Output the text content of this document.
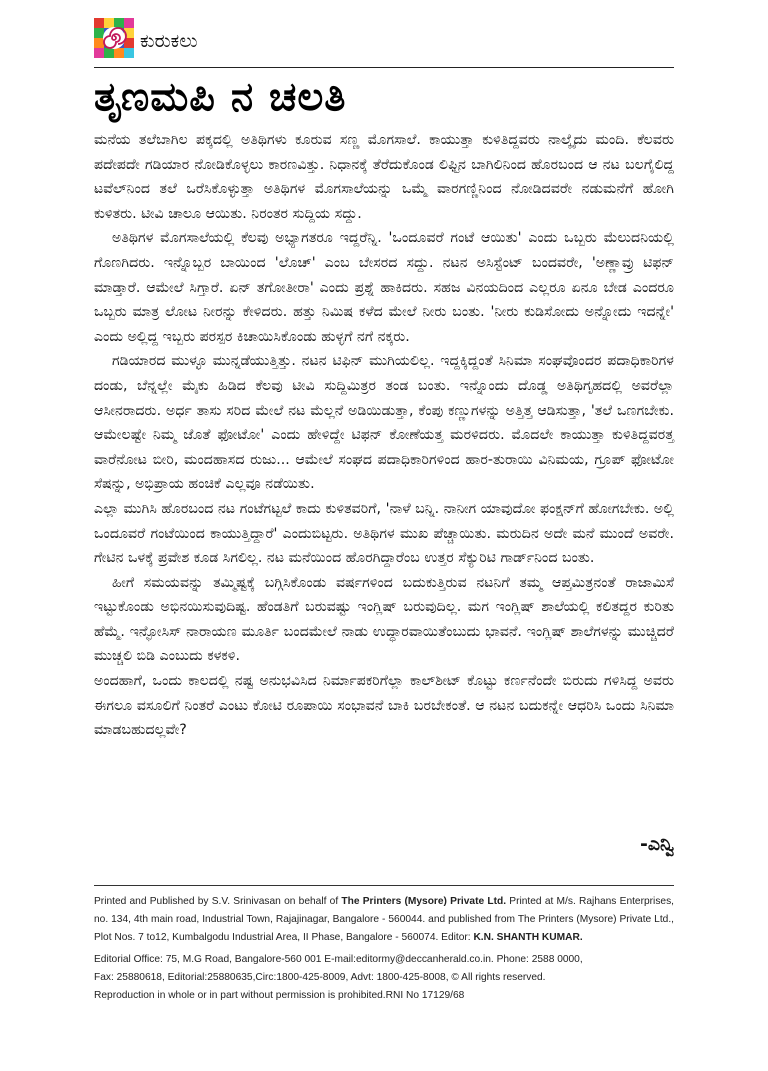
ಕುರುಕಲು
ತೃಣಮಪಿ ನ ಚಲತಿ

ಮನೆಯ ತಲೆಬಾಗಿಲ ಪಕ್ಕದಲ್ಲಿ ಅತಿಥಿಗಳು ಕೂರುವ ಸಣ್ಣ ಮೊಗಸಾಲೆ. ಕಾಯುತ್ತಾ ಕುಳಿತಿದ್ದವರು ನಾಲ್ಕೈದು ಮಂದಿ. ಕೆಲವರು ಪದೇಪದೇ ಗಡಿಯಾರ ನೋಡಿಕೊಳ್ಳಲು ಕಾರಣವಿತ್ತು. ನಿಧಾನಕ್ಕೆ ತೆರೆದುಕೊಂಡ ಲಿಫ್ಟಿನ ಬಾಗಿಲಿನಿಂದ ಹೊರಬಂದ ಆ ನಟ ಬಲಗೈಲಿದ್ದ ಟವೆಲ್‌ನಿಂದ ತಲೆ ಒರೆಸಿಕೊಳ್ಳುತ್ತಾ ಅತಿಥಿಗಳ ಮೊಗಸಾಲೆಯನ್ನು ಒಮ್ಮೆ ವಾರಗಣ್ಣಿನಿಂದ ನೋಡಿದವರೇ ನಡುಮನೆಗೆ ಹೋಗಿ ಕುಳಿತರು. ಟೀವಿ ಚಾಲೂ ಆಯಿತು. ನಿರಂತರ ಸುದ್ದಿಯ ಸದ್ದು.

ಅತಿಥಿಗಳ ಮೊಗಸಾಲೆಯಲ್ಲಿ ಕೆಲವು ಅಭ್ಯಾಗತರೂ ಇದ್ದರೆನ್ನಿ. 'ಒಂದೂವರೆ ಗಂಟೆ ಆಯಿತು' ಎಂದು ಒಬ್ಬರು ಮೆಲುದನಿಯಲ್ಲಿ ಗೊಣಗಿದರು. ಇನ್ನೊಬ್ಬರ ಬಾಯಿಂದ 'ಲೊಚ್' ಎಂಬ ಬೇಸರದ ಸದ್ದು. ನಟನ ಅಸಿಸ್ಟೆಂಟ್ ಬಂದವರೇ, 'ಅಣ್ಣಾವ್ರು ಟಿಫನ್ ಮಾಡ್ತಾರೆ. ಆಮೇಲೆ ಸಿಗ್ತಾರೆ. ಏನ್ ತಗೋತೀರಾ' ಎಂದು ಪ್ರಶ್ನೆ ಹಾಕಿದರು. ಸಹಜ ವಿನಯದಿಂದ ಎಲ್ಲರೂ ಏನೂ ಬೇಡ ಎಂದರೂ ಒಬ್ಬರು ಮಾತ್ರ ಲೋಟ ನೀರನ್ನು ಕೇಳಿದರು. ಹತ್ತು ನಿಮಿಷ ಕಳೆದ ಮೇಲೆ ನೀರು ಬಂತು. 'ನೀರು ಕುಡಿಸೋದು ಅನ್ನೋದು ಇದನ್ನೇ' ಎಂದು ಅಲ್ಲಿದ್ದ ಇಬ್ಬರು ಪರಸ್ಪರ ಕಿಚಾಯಿಸಿಕೊಂಡು ಹುಳ್ಳಗೆ ನಗೆ ನಕ್ಕರು.

ಗಡಿಯಾರದ ಮುಳ್ಳೂ ಮುನ್ನಡೆಯುತ್ತಿತ್ತು. ನಟನ ಟಿಫಿನ್ ಮುಗಿಯಲಿಲ್ಲ. ಇದ್ದಕ್ಕಿದ್ದಂತೆ ಸಿನಿಮಾ ಸಂಘವೊಂದರ ಪದಾಧಿಕಾರಿಗಳ ದಂಡು, ಬೆನ್ನಲ್ಲೇ ಮೈಕು ಹಿಡಿದ ಕೆಲವು ಟೀವಿ ಸುದ್ದಿಮಿತ್ರರ ತಂಡ ಬಂತು. ಇನ್ನೊಂದು ದೊಡ್ಡ ಅತಿಥಿಗೃಹದಲ್ಲಿ ಅವರೆಲ್ಲಾ ಆಸೀನರಾದರು. ಅರ್ಧ ತಾಸು ಸರಿದ ಮೇಲೆ ನಟ ಮೆಲ್ಲನೆ ಅಡಿಯಿಡುತ್ತಾ, ಕೆಂಪು ಕಣ್ಣುಗಳನ್ನು ಅತ್ತಿತ್ತ ಆಡಿಸುತ್ತಾ, 'ತಲೆ ಒಣಗಬೇಕು. ಆಮೇಲಷ್ಟೇ ನಿಮ್ಮ ಜೊತೆ ಫೋಟೋ' ಎಂದು ಹೇಳಿದ್ದೇ ಟಿಫನ್ ಕೋಣೆಯತ್ತ ಮರಳಿದರು. ಮೊದಲೇ ಕಾಯುತ್ತಾ ಕುಳಿತಿದ್ದವರತ್ತ ವಾರೆನೋಟ ಬೀರಿ, ಮಂದಹಾಸದ ರುಜು... ಆಮೇಲೆ ಸಂಘದ ಪದಾಧಿಕಾರಿಗಳಿಂದ ಹಾರ-ತುರಾಯಿ ವಿನಿಮಯ, ಗ್ರೂಪ್ ಫೋಟೋ ಸೆಷನ್ನು, ಅಭಿಪ್ರಾಯ ಹಂಚಿಕೆ ಎಲ್ಲವೂ ನಡೆಯಿತು.

ಎಲ್ಲಾ ಮುಗಿಸಿ ಹೊರಬಂದ ನಟ ಗಂಟೆಗಟ್ಟಲೆ ಕಾದು ಕುಳಿತವರಿಗೆ, 'ನಾಳೆ ಬನ್ನಿ. ನಾನೀಗ ಯಾವುದೋ ಫಂಕ್ಷನ್‌ಗೆ ಹೋಗಬೇಕು. ಅಲ್ಲಿ ಒಂದೂವರೆ ಗಂಟೆಯಿಂದ ಕಾಯುತ್ತಿದ್ದಾರೆ' ಎಂದುಬಿಟ್ಟರು. ಅತಿಥಿಗಳ ಮುಖ ಪೆಚ್ಚಾಯಿತು. ಮರುದಿನ ಅದೇ ಮನೆ ಮುಂದೆ ಅವರೇ. ಗೇಟಿನ ಒಳಕ್ಕೆ ಪ್ರವೇಶ ಕೂಡ ಸಿಗಲಿಲ್ಲ. ನಟ ಮನೆಯಿಂದ ಹೊರಗಿದ್ದಾರೆಂಬ ಉತ್ತರ ಸೆಕ್ಯುರಿಟಿ ಗಾರ್ಡ್‌ನಿಂದ ಬಂತು.

ಹೀಗೆ ಸಮಯವನ್ನು ತಮ್ಮಿಷ್ಟಕ್ಕೆ ಬಗ್ಗಿಸಿಕೊಂಡು ವರ್ಷಗಳಿಂದ ಬದುಕುತ್ತಿರುವ ನಟನಿಗೆ ತಮ್ಮ ಆಪ್ತಮಿತ್ರನಂತೆ ರಾಜಾಮಿಸೆ ಇಟ್ಟುಕೊಂಡು ಅಭಿನಯಿಸುವುದಿಷ್ಟ. ಹೆಂಡತಿಗೆ ಬರುವಷ್ಟು ಇಂಗ್ಲಿಷ್ ಬರುವುದಿಲ್ಲ. ಮಗ ಇಂಗ್ಲಿಷ್ ಶಾಲೆಯಲ್ಲಿ ಕಲಿತದ್ದರ ಕುರಿತು ಹೆಮ್ಮೆ. ಇನ್ಫೋಸಿಸ್ ನಾರಾಯಣ ಮೂರ್ತಿ ಬಂದಮೇಲೆ ನಾಡು ಉದ್ಧಾರವಾಯಿತೆಂಬುದು ಭಾವನೆ. ಇಂಗ್ಲಿಷ್ ಶಾಲೆಗಳನ್ನು ಮುಚ್ಚಿದರೆ ಮುಚ್ಚಲಿ ಬಿಡಿ ಎಂಬುದು ಕಳಕಳಿ.

ಅಂದಹಾಗೆ, ಒಂದು ಕಾಲದಲ್ಲಿ ನಷ್ಟ ಅನುಭವಿಸಿದ ನಿರ್ಮಾಪಕರಿಗೆಲ್ಲಾ ಕಾಲ್‌ಶೀಟ್ ಕೊಟ್ಟು ಕರ್ಣನೆಂದೇ ಬಿರುದು ಗಳಿಸಿದ್ದ ಅವರು ಈಗಲೂ ವಸೂಲಿಗೆ ನಿಂತರೆ ಎಂಟು ಕೋಟಿ ರೂಪಾಯಿ ಸಂಭಾವನೆ ಬಾಕಿ ಬರಬೇಕಂತೆ. ಆ ನಟನ ಬದುಕನ್ನೇ ಆಧರಿಸಿ ಒಂದು ಸಿನಿಮಾ ಮಾಡಬಹುದಲ್ಲವೇ?

-ಎನ್ವಿ

Printed and Published by S.V. Srinivasan on behalf of The Printers (Mysore) Private Ltd. Printed at M/s. Rajhans Enterprises, no. 134, 4th main road, Industrial Town, Rajajinagar, Bangalore - 560044. and published from The Printers (Mysore) Private Ltd., Plot Nos. 7 to12, Kumbalgodu Industrial Area, II Phase, Bangalore - 560074. Editor: K.N. SHANTH KUMAR.

Editorial Office: 75, M.G Road, Bangalore-560 001 E-mail:editormy@deccanherald.co.in. Phone: 2588 0000,

Fax: 25880618, Editorial:25880635,Circ:1800-425-8009, Advt: 1800-425-8008, © All rights reserved.

Reproduction in whole or in part without permission is prohibited.RNI No 17129/68
